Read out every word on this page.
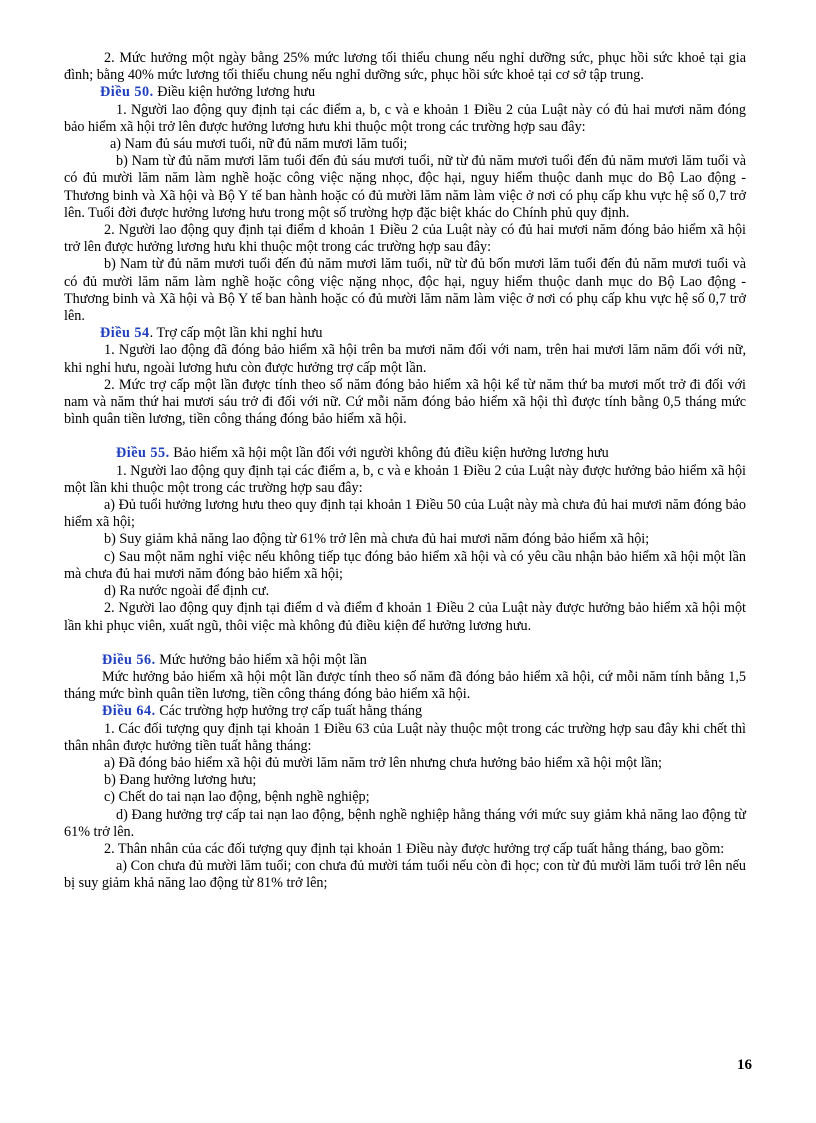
2. Mức hưởng một ngày bằng 25% mức lương tối thiểu chung nếu nghỉ dưỡng sức, phục hồi sức khoẻ tại gia đình; bằng 40% mức lương tối thiểu chung nếu nghỉ dưỡng sức, phục hồi sức khoẻ tại cơ sở tập trung.

Điều 50. Điều kiện hưởng lương hưu

1. Người lao động quy định tại các điểm a, b, c và e khoản 1 Điều 2 của Luật này có đủ hai mươi năm đóng bảo hiểm xã hội trở lên được hưởng lương hưu khi thuộc một trong các trường hợp sau đây:

a) Nam đủ sáu mươi tuổi, nữ đủ năm mươi lăm tuổi;

b) Nam từ đủ năm mươi lăm tuổi đến đủ sáu mươi tuổi, nữ từ đủ năm mươi tuổi đến đủ năm mươi lăm tuổi và có đủ mười lăm năm làm nghề hoặc công việc nặng nhọc, độc hại, nguy hiểm thuộc danh mục do Bộ Lao động - Thương binh và Xã hội và Bộ Y tế ban hành hoặc có đủ mười lăm năm làm việc ở nơi có phụ cấp khu vực hệ số 0,7 trở lên. Tuổi đời được hưởng lương hưu trong một số trường hợp đặc biệt khác do Chính phủ quy định.

2. Người lao động quy định tại điểm d khoản 1 Điều 2 của Luật này có đủ hai mươi năm đóng bảo hiểm xã hội trở lên được hưởng lương hưu khi thuộc một trong các trường hợp sau đây:

b) Nam từ đủ năm mươi tuổi đến đủ năm mươi lăm tuổi, nữ từ đủ bốn mươi lăm tuổi đến đủ năm mươi tuổi và có đủ mười lăm năm làm nghề hoặc công việc nặng nhọc, độc hại, nguy hiểm thuộc danh mục do Bộ Lao động - Thương binh và Xã hội và Bộ Y tế ban hành hoặc có đủ mười lăm năm làm việc ở nơi có phụ cấp khu vực hệ số 0,7 trở lên.

Điều 54. Trợ cấp một lần khi nghỉ hưu

1. Người lao động đã đóng bảo hiểm xã hội trên ba mươi năm đối với nam, trên hai mươi lăm năm đối với nữ, khi nghỉ hưu, ngoài lương hưu còn được hưởng trợ cấp một lần.

2. Mức trợ cấp một lần được tính theo số năm đóng bảo hiểm xã hội kể từ năm thứ ba mươi mốt trở đi đối với nam và năm thứ hai mươi sáu trở đi đối với nữ. Cứ mỗi năm đóng bảo hiểm xã hội thì được tính bằng 0,5 tháng mức bình quân tiền lương, tiền công tháng đóng bảo hiểm xã hội.

Điều 55. Bảo hiểm xã hội một lần đối với người không đủ điều kiện hưởng lương hưu

1. Người lao động quy định tại các điểm a, b, c và e khoản 1 Điều 2 của Luật này được hưởng bảo hiểm xã hội một lần khi thuộc một trong các trường hợp sau đây:

a) Đủ tuổi hưởng lương hưu theo quy định tại khoản 1 Điều 50 của Luật này mà chưa đủ hai mươi năm đóng bảo hiểm xã hội;

b) Suy giảm khả năng lao động từ 61% trở lên mà chưa đủ hai mươi năm đóng bảo hiểm xã hội;

c) Sau một năm nghỉ việc nếu không tiếp tục đóng bảo hiểm xã hội và có yêu cầu nhận bảo hiểm xã hội một lần mà chưa đủ hai mươi năm đóng bảo hiểm xã hội;

d) Ra nước ngoài để định cư.

2. Người lao động quy định tại điểm d và điểm đ khoản 1 Điều 2 của Luật này được hưởng bảo hiểm xã hội một lần khi phục viên, xuất ngũ, thôi việc mà không đủ điều kiện để hưởng lương hưu.

Điều 56. Mức hưởng bảo hiểm xã hội một lần

Mức hưởng bảo hiểm xã hội một lần được tính theo số năm đã đóng bảo hiểm xã hội, cứ mỗi năm tính bằng 1,5 tháng mức bình quân tiền lương, tiền công tháng đóng bảo hiểm xã hội.

Điều 64. Các trường hợp hưởng trợ cấp tuất hằng tháng

1. Các đối tượng quy định tại khoản 1 Điều 63 của Luật này thuộc một trong các trường hợp sau đây khi chết thì thân nhân được hưởng tiền tuất hằng tháng:

a) Đã đóng bảo hiểm xã hội đủ mười lăm năm trở lên nhưng chưa hưởng bảo hiểm xã hội một lần;

b) Đang hưởng lương hưu;

c) Chết do tai nạn lao động, bệnh nghề nghiệp;

d) Đang hưởng trợ cấp tai nạn lao động, bệnh nghề nghiệp hằng tháng với mức suy giảm khả năng lao động từ 61% trở lên.

2. Thân nhân của các đối tượng quy định tại khoản 1 Điều này được hưởng trợ cấp tuất hằng tháng, bao gồm:

a) Con chưa đủ mười lăm tuổi; con chưa đủ mười tám tuổi nếu còn đi học; con từ đủ mười lăm tuổi trở lên nếu bị suy giảm khả năng lao động từ 81% trở lên;

16
